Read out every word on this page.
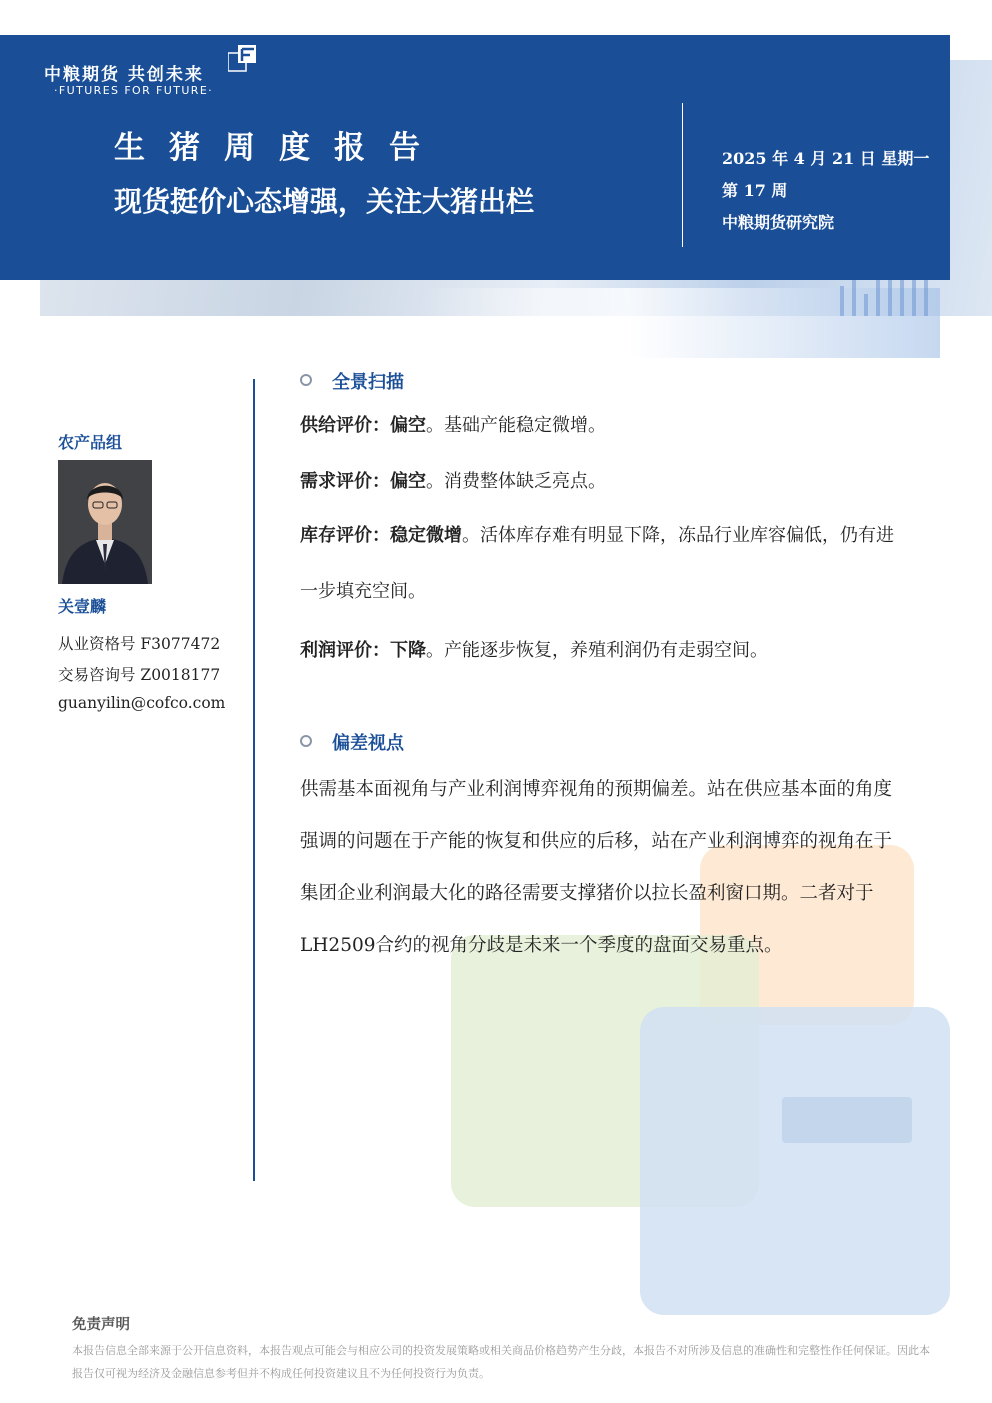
中粮期货 共创未来
·FUTURES FOR FUTURE·
生猪周度报告
现货挺价心态增强，关注大猪出栏
2025 年 4 月 21 日 星期一
第 17 周
中粮期货研究院
农产品组
关壹麟
从业资格号 F3077472
交易咨询号 Z0018177
guanyilin@cofco.com
全景扫描
供给评价：偏空。基础产能稳定微增。
需求评价：偏空。消费整体缺乏亮点。
库存评价：稳定微增。活体库存难有明显下降，冻品行业库容偏低，仍有进一步填充空间。
利润评价：下降。产能逐步恢复，养殖利润仍有走弱空间。
偏差视点
供需基本面视角与产业利润博弈视角的预期偏差。站在供应基本面的角度强调的问题在于产能的恢复和供应的后移，站在产业利润博弈的视角在于集团企业利润最大化的路径需要支撑猪价以拉长盈利窗口期。二者对于LH2509合约的视角分歧是未来一个季度的盘面交易重点。
免责声明
本报告信息全部来源于公开信息资料，本报告观点可能会与相应公司的投资发展策略或相关商品价格趋势产生分歧，本报告不对所涉及信息的准确性和完整性作任何保证。因此本报告仅可视为经济及金融信息参考但并不构成任何投资建议且不为任何投资行为负责。
